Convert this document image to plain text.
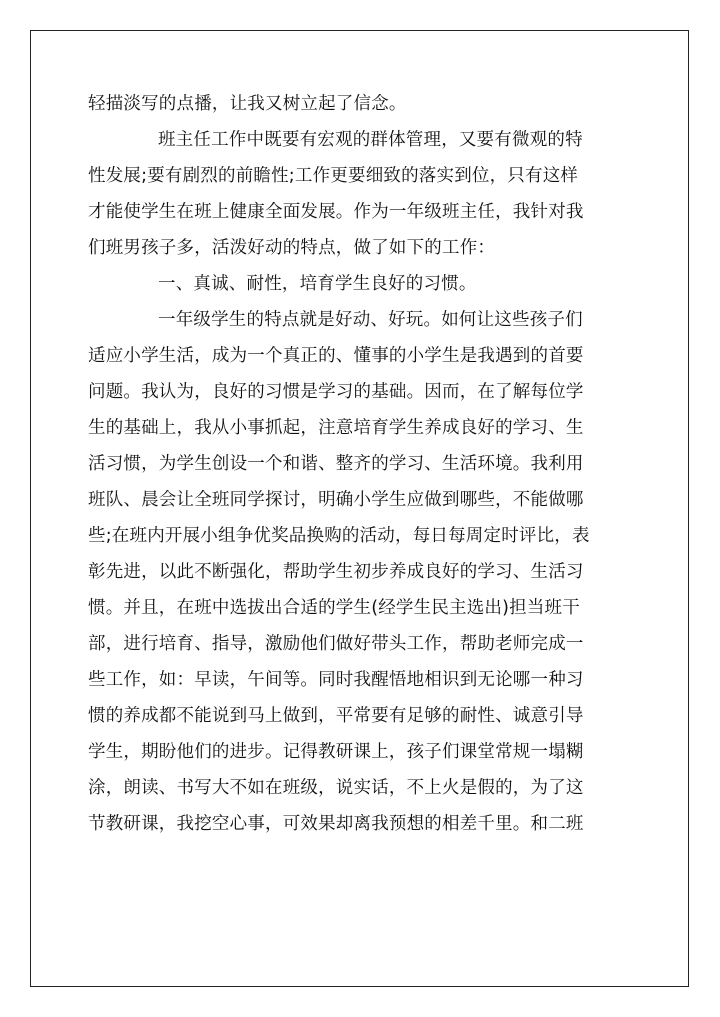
轻描淡写的点播，让我又树立起了信念。
班主任工作中既要有宏观的群体管理，又要有微观的特
性发展;要有剧烈的前瞻性;工作更要细致的落实到位，只有这样
才能使学生在班上健康全面发展。作为一年级班主任，我针对我
们班男孩子多，活泼好动的特点，做了如下的工作：
一、真诚、耐性，培育学生良好的习惯。
一年级学生的特点就是好动、好玩。如何让这些孩子们
适应小学生活，成为一个真正的、懂事的小学生是我遇到的首要
问题。我认为，良好的习惯是学习的基础。因而，在了解每位学
生的基础上，我从小事抓起，注意培育学生养成良好的学习、生
活习惯，为学生创设一个和谐、整齐的学习、生活环境。我利用
班队、晨会让全班同学探讨，明确小学生应做到哪些，不能做哪
些;在班内开展小组争优奖品换购的活动，每日每周定时评比，表
彰先进，以此不断强化，帮助学生初步养成良好的学习、生活习
惯。并且，在班中选拔出合适的学生(经学生民主选出)担当班干
部，进行培育、指导，激励他们做好带头工作，帮助老师完成一
些工作，如：早读，午间等。同时我醒悟地相识到无论哪一种习
惯的养成都不能说到马上做到，平常要有足够的耐性、诚意引导
学生，期盼他们的进步。记得教研课上，孩子们课堂常规一塌糊
涂，朗读、书写大不如在班级，说实话，不上火是假的，为了这
节教研课，我挖空心事，可效果却离我预想的相差千里。和二班
